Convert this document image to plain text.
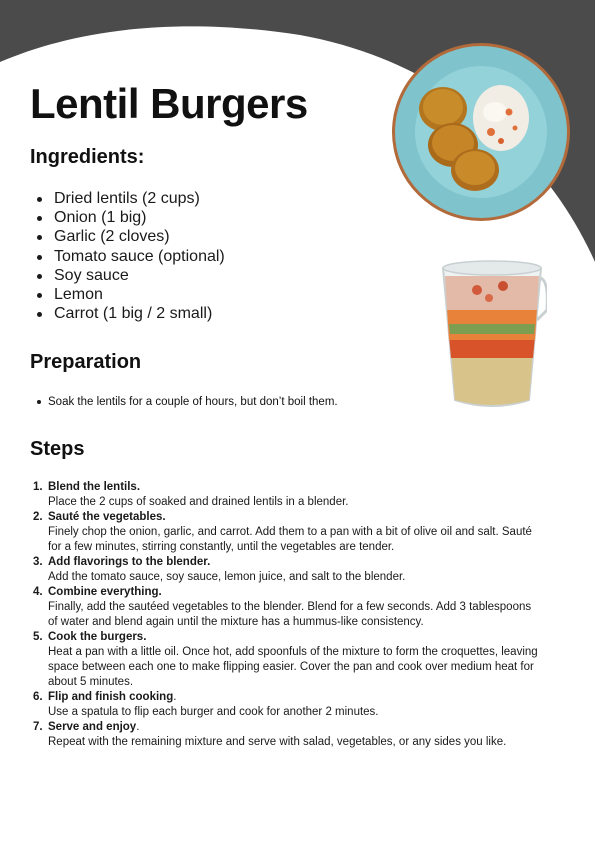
Lentil Burgers
Ingredients:
Dried lentils (2 cups)
Onion (1 big)
Garlic (2 cloves)
Tomato sauce (optional)
Soy sauce
Lemon
Carrot (1 big / 2 small)
Preparation
Soak the lentils for a couple of hours, but don’t boil them.
Steps
1. Blend the lentils.
Place the 2 cups of soaked and drained lentils in a blender.
2. Sauté the vegetables.
Finely chop the onion, garlic, and carrot. Add them to a pan with a bit of olive oil and salt. Sauté for a few minutes, stirring constantly, until the vegetables are tender.
3. Add flavorings to the blender.
Add the tomato sauce, soy sauce, lemon juice, and salt to the blender.
4. Combine everything.
Finally, add the sautéed vegetables to the blender. Blend for a few seconds. Add 3 tablespoons of water and blend again until the mixture has a hummus-like consistency.
5. Cook the burgers.
Heat a pan with a little oil. Once hot, add spoonfuls of the mixture to form the croquettes, leaving space between each one to make flipping easier. Cover the pan and cook over medium heat for about 5 minutes.
6. Flip and finish cooking.
Use a spatula to flip each burger and cook for another 2 minutes.
7. Serve and enjoy.
Repeat with the remaining mixture and serve with salad, vegetables, or any sides you like.
